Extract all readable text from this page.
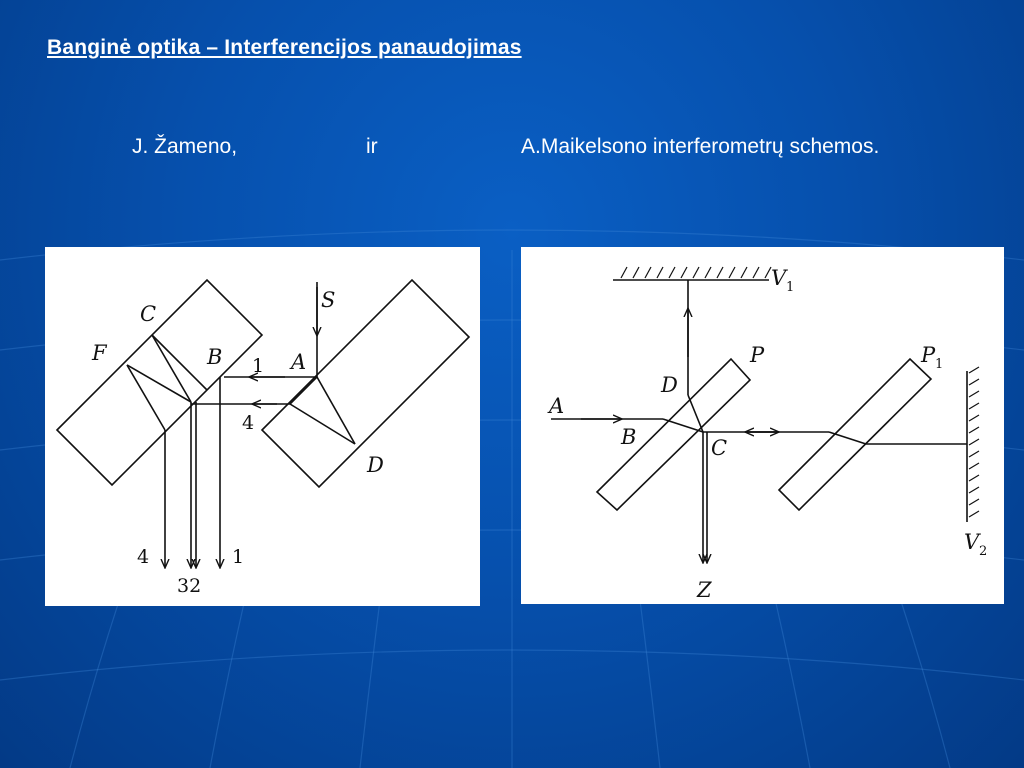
Banginė optika – Interferencijos panaudojimas
J. Žameno,	ir	A.Maikelsono interferometrų schemos.
S
C
F	B	A
D
1
4
4
32
1
V 1
P	P 1
D
A
B	C
V 2
Z
